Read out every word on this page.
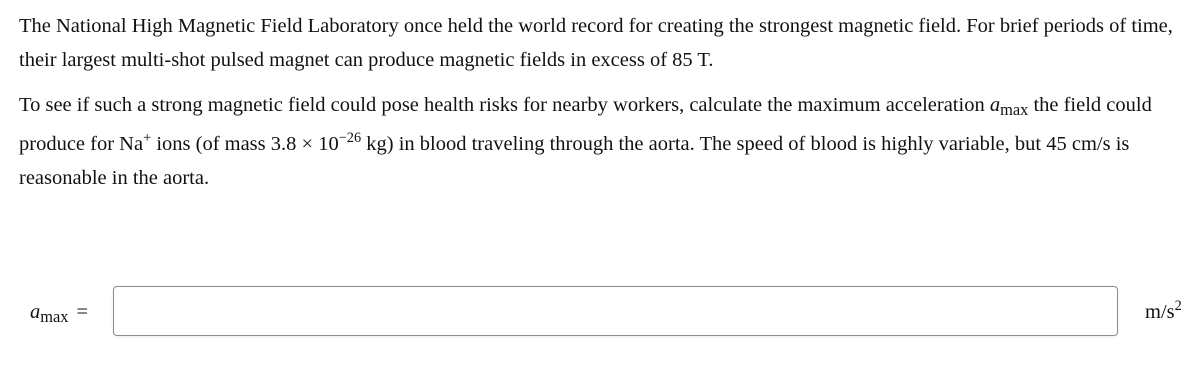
The National High Magnetic Field Laboratory once held the world record for creating the strongest magnetic field. For brief periods of time, their largest multi-shot pulsed magnet can produce magnetic fields in excess of 85 T.

To see if such a strong magnetic field could pose health risks for nearby workers, calculate the maximum acceleration $a_{max}$ the field could produce for Na+ ions (of mass $3.8 \times 10^{-26}$ kg) in blood traveling through the aorta. The speed of blood is highly variable, but 45 cm/s is reasonable in the aorta.

$a_{max}$ =	$m/s^2$
